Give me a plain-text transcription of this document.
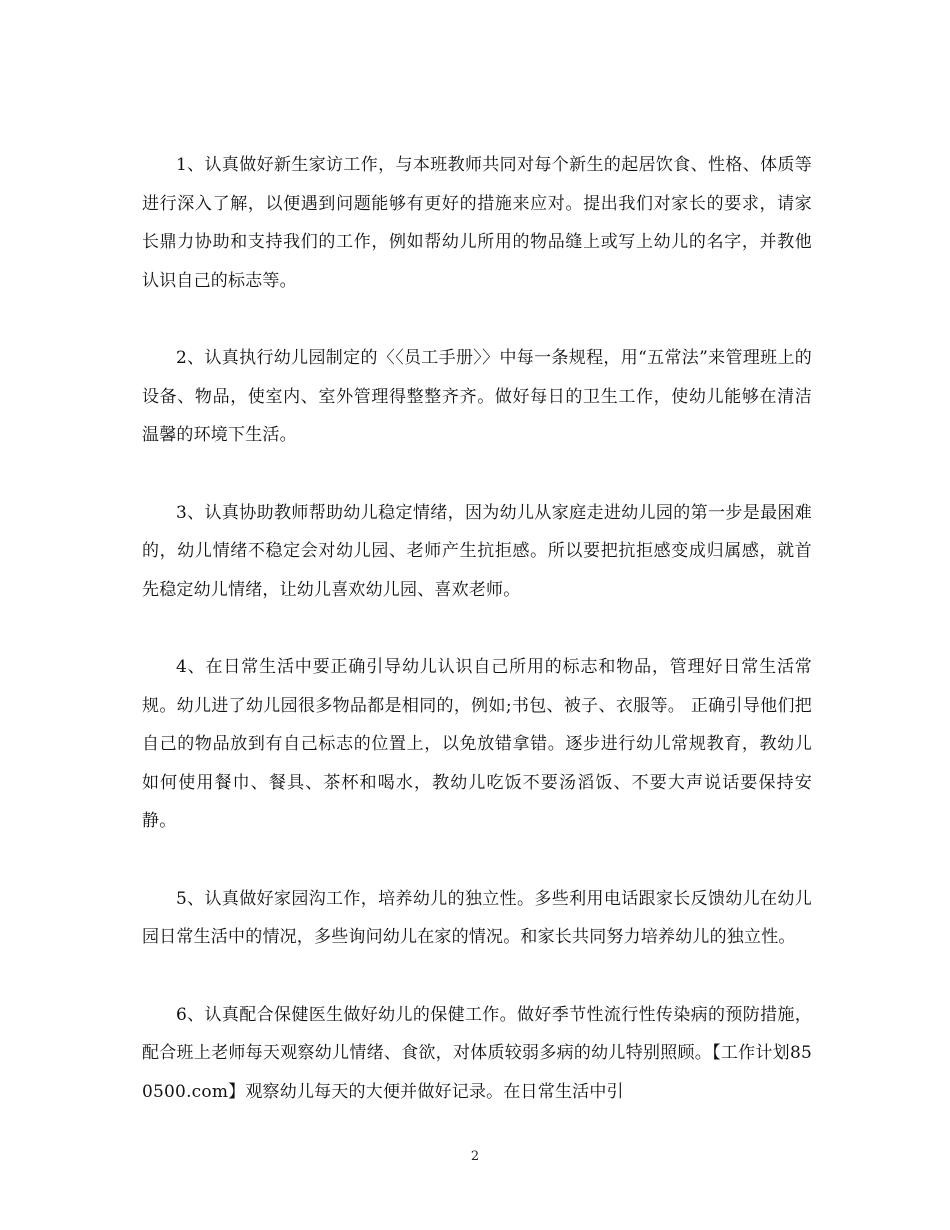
1、认真做好新生家访工作，与本班教师共同对每个新生的起居饮食、性格、体质等进行深入了解，以便遇到问题能够有更好的措施来应对。提出我们对家长的要求，请家长鼎力协助和支持我们的工作，例如帮幼儿所用的物品缝上或写上幼儿的名字，并教他认识自己的标志等。

2、认真执行幼儿园制定的〈〈员工手册〉〉中每一条规程，用“五常法”来管理班上的设备、物品，使室内、室外管理得整整齐齐。做好每日的卫生工作，使幼儿能够在清洁温馨的环境下生活。

3、认真协助教师帮助幼儿稳定情绪，因为幼儿从家庭走进幼儿园的第一步是最困难的，幼儿情绪不稳定会对幼儿园、老师产生抗拒感。所以要把抗拒感变成归属感，就首先稳定幼儿情绪，让幼儿喜欢幼儿园、喜欢老师。

4、在日常生活中要正确引导幼儿认识自己所用的标志和物品，管理好日常生活常规。幼儿进了幼儿园很多物品都是相同的，例如;书包、被子、衣服等。 正确引导他们把自己的物品放到有自己标志的位置上，以免放错拿错。逐步进行幼儿常规教育，教幼儿如何使用餐巾、餐具、茶杯和喝水，教幼儿吃饭不要汤滔饭、不要大声说话要保持安静。

5、认真做好家园沟工作，培养幼儿的独立性。多些利用电话跟家长反馈幼儿在幼儿园日常生活中的情况，多些询问幼儿在家的情况。和家长共同努力培养幼儿的独立性。

6、认真配合保健医生做好幼儿的保健工作。做好季节性流行性传染病的预防措施，配合班上老师每天观察幼儿情绪、食欲，对体质较弱多病的幼儿特别照顾。【工作计划850500.com】观察幼儿每天的大便并做好记录。在日常生活中引

2
